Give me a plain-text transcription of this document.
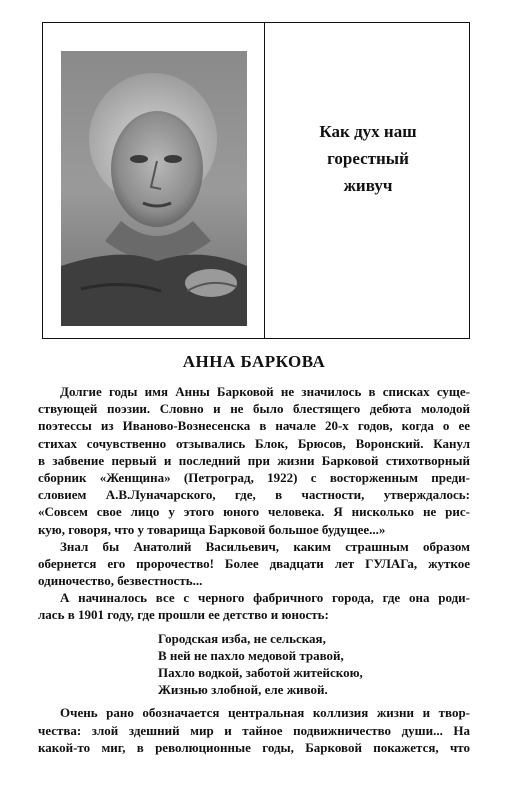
Как дух наш
горестный
живуч
АННА БАРКОВА
Долгие годы имя Анны Барковой не значилось в списках суще-
ствующей поэзии. Словно и не было блестящего дебюта молодой
поэтессы из Иваново-Вознесенска в начале 20-х годов, когда о ее
стихах сочувственно отзывались Блок, Брюсов, Воронский. Канул
в забвение первый и последний при жизни Барковой стихотворный
сборник «Женщина» (Петроград, 1922) с восторженным преди-
словием А.В.Луначарского, где, в частности, утверждалось:
«Совсем свое лицо у этого юного человека. Я нисколько не рис-
кую, говоря, что у товарища Барковой большое будущее...»
Знал бы Анатолий Васильевич, каким страшным образом
обернется его пророчество! Более двадцати лет ГУЛАГа, жуткое
одиночество, безвестность...
А начиналось все с черного фабричного города, где она роди-
лась в 1901 году, где прошли ее детство и юность:
Городская изба, не сельская,
В ней не пахло медовой травой,
Пахло водкой, заботой житейскою,
Жизнью злобной, еле живой.
Очень рано обозначается центральная коллизия жизни и твор-
чества: злой здешний мир и тайное подвижничество души... На
какой-то миг, в революционные годы, Барковой покажется, что
